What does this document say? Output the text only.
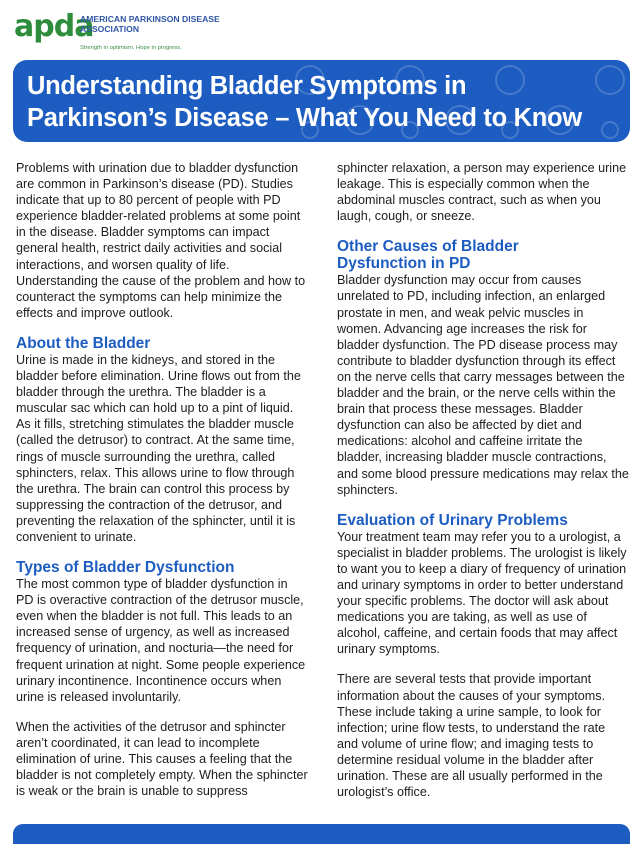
apda
AMERICAN PARKINSON DISEASE ASSOCIATION
Strength in optimism. Hope in progress.
Understanding Bladder Symptoms in
Parkinson’s Disease – What You Need to Know

Problems with urination due to bladder dysfunction are common in Parkinson’s disease (PD). Studies indicate that up to 80 percent of people with PD experience bladder-related problems at some point in the disease. Bladder symptoms can impact general health, restrict daily activities and social interactions, and worsen quality of life. Understanding the cause of the problem and how to counteract the symptoms can help minimize the effects and improve outlook.

About the Bladder

Urine is made in the kidneys, and stored in the bladder before elimination. Urine flows out from the bladder through the urethra. The bladder is a muscular sac which can hold up to a pint of liquid. As it fills, stretching stimulates the bladder muscle (called the detrusor) to contract. At the same time, rings of muscle surrounding the urethra, called sphincters, relax. This allows urine to flow through the urethra. The brain can control this process by suppressing the contraction of the detrusor, and preventing the relaxation of the sphincter, until it is convenient to urinate.

Types of Bladder Dysfunction

The most common type of bladder dysfunction in PD is overactive contraction of the detrusor muscle, even when the bladder is not full. This leads to an increased sense of urgency, as well as increased frequency of urination, and nocturia—the need for frequent urination at night. Some people experience urinary incontinence. Incontinence occurs when urine is released involuntarily.

When the activities of the detrusor and sphincter aren’t coordinated, it can lead to incomplete elimination of urine. This causes a feeling that the bladder is not completely empty. When the sphincter is weak or the brain is unable to suppress

sphincter relaxation, a person may experience urine leakage. This is especially common when the abdominal muscles contract, such as when you laugh, cough, or sneeze.

Other Causes of Bladder
Dysfunction in PD

Bladder dysfunction may occur from causes unrelated to PD, including infection, an enlarged prostate in men, and weak pelvic muscles in women. Advancing age increases the risk for bladder dysfunction. The PD disease process may contribute to bladder dysfunction through its effect on the nerve cells that carry messages between the bladder and the brain, or the nerve cells within the brain that process these messages. Bladder dysfunction can also be affected by diet and medications: alcohol and caffeine irritate the bladder, increasing bladder muscle contractions, and some blood pressure medications may relax the sphincters.

Evaluation of Urinary Problems

Your treatment team may refer you to a urologist, a specialist in bladder problems. The urologist is likely to want you to keep a diary of frequency of urination and urinary symptoms in order to better understand your specific problems. The doctor will ask about medications you are taking, as well as use of alcohol, caffeine, and certain foods that may affect urinary symptoms.

There are several tests that provide important information about the causes of your symptoms. These include taking a urine sample, to look for infection; urine flow tests, to understand the rate and volume of urine flow; and imaging tests to determine residual volume in the bladder after urination. These are all usually performed in the urologist’s office.
